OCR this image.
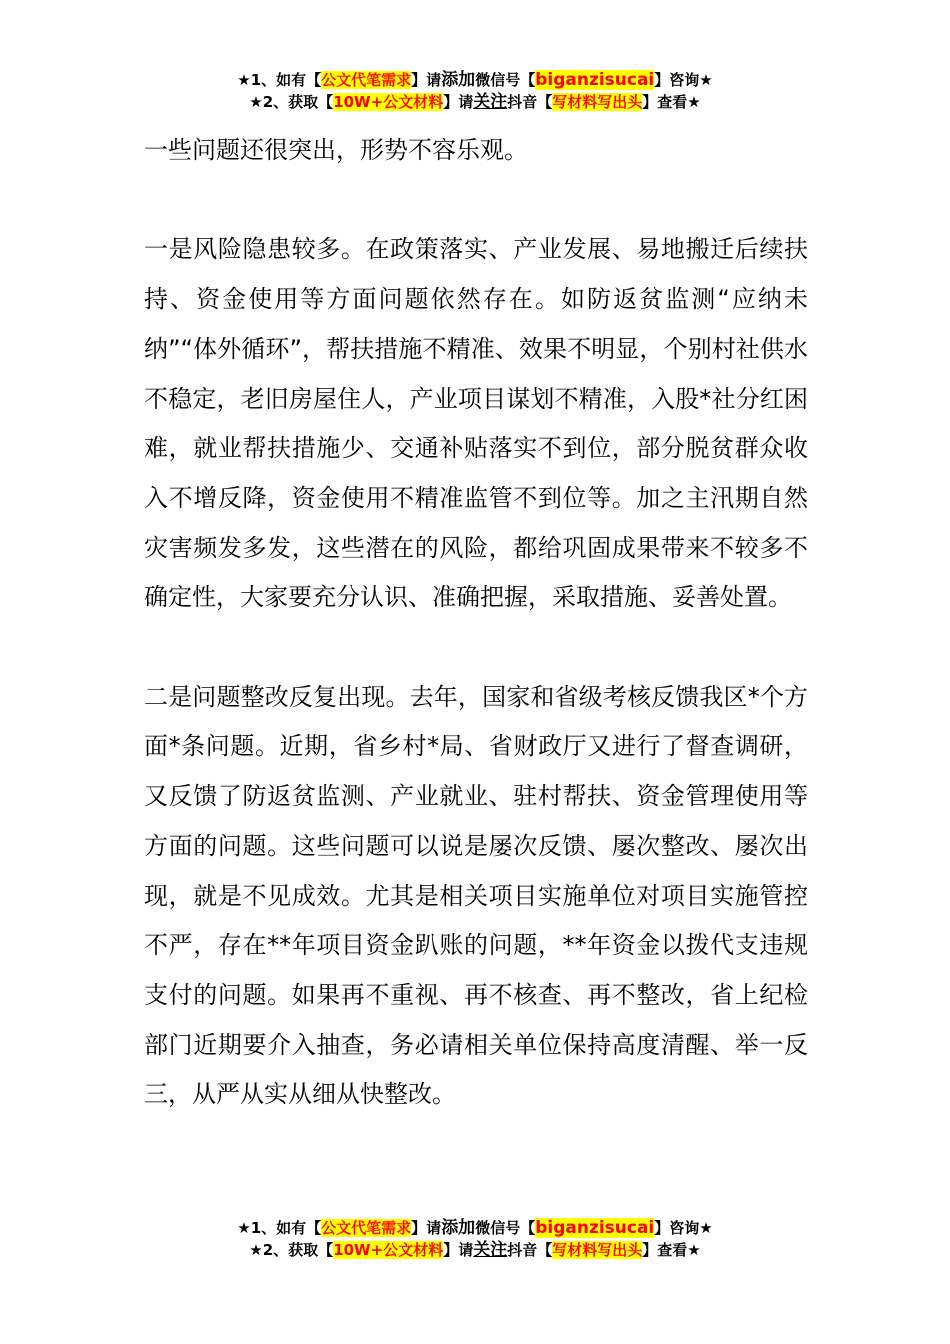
★1、如有【公文代笔需求】请添加微信号【biganzisucai】咨询★
★2、获取【10W+公文材料】请关注抖音【写材料写出头】查看★

一些问题还很突出，形势不容乐观。

一是风险隐患较多。在政策落实、产业发展、易地搬迁后续扶持、资金使用等方面问题依然存在。如防返贫监测“应纳未纳”“体外循环”，帮扶措施不精准、效果不明显，个别村社供水不稳定，老旧房屋住人，产业项目谋划不精准，入股*社分红困难，就业帮扶措施少、交通补贴落实不到位，部分脱贫群众收入不增反降，资金使用不精准监管不到位等。加之主汛期自然灾害频发多发，这些潜在的风险，都给巩固成果带来不较多不确定性，大家要充分认识、准确把握，采取措施、妥善处置。

二是问题整改反复出现。去年，国家和省级考核反馈我区*个方面*条问题。近期，省乡村*局、省财政厅又进行了督查调研，又反馈了防返贫监测、产业就业、驻村帮扶、资金管理使用等方面的问题。这些问题可以说是屡次反馈、屡次整改、屡次出现，就是不见成效。尤其是相关项目实施单位对项目实施管控不严，存在**年项目资金趴账的问题，**年资金以拨代支违规支付的问题。如果再不重视、再不核查、再不整改，省上纪检部门近期要介入抽查，务必请相关单位保持高度清醒、举一反三，从严从实从细从快整改。

★1、如有【公文代笔需求】请添加微信号【biganzisucai】咨询★
★2、获取【10W+公文材料】请关注抖音【写材料写出头】查看★
